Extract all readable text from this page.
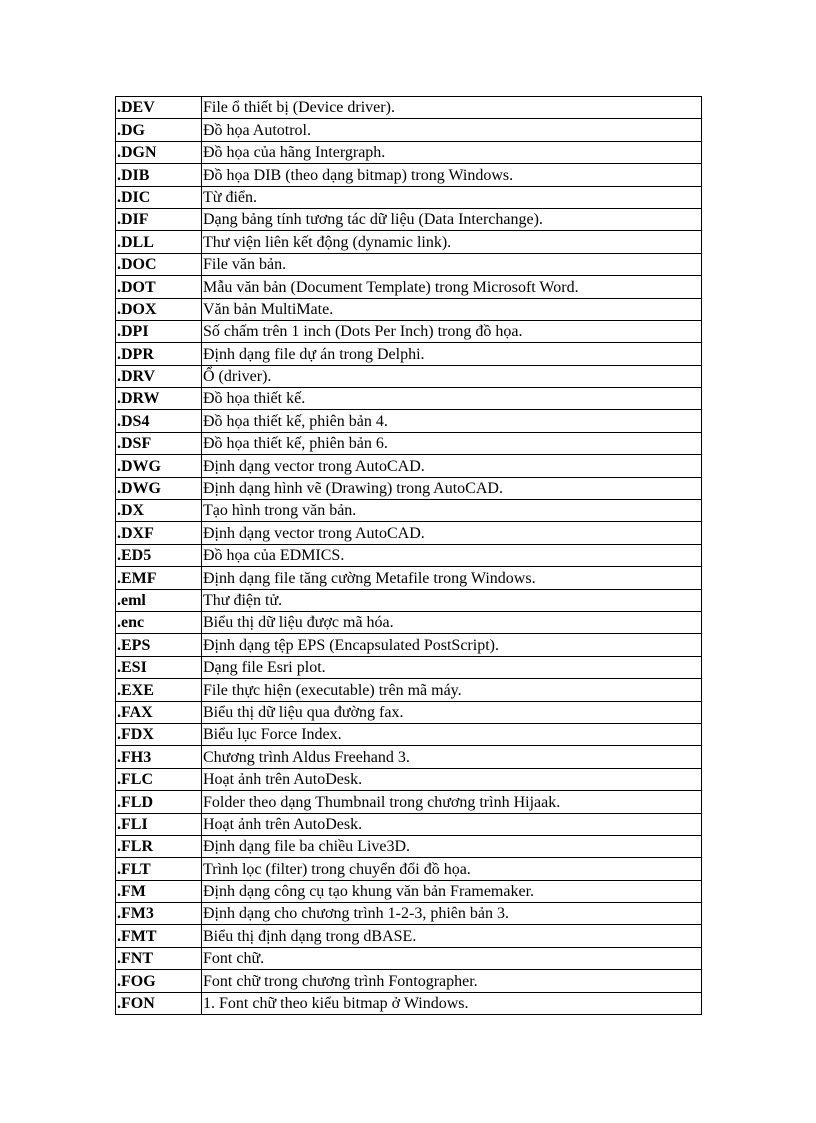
.DEV	File ổ thiết bị (Device driver).
.DG	Đồ họa Autotrol.
.DGN	Đồ họa của hãng Intergraph.
.DIB	Đồ họa DIB (theo dạng bitmap) trong Windows.
.DIC	Từ điển.
.DIF	Dạng bảng tính tương tác dữ liệu (Data Interchange).
.DLL	Thư viện liên kết động (dynamic link).
.DOC	File văn bản.
.DOT	Mẫu văn bản (Document Template) trong Microsoft Word.
.DOX	Văn bản MultiMate.
.DPI	Số chấm trên 1 inch (Dots Per Inch) trong đồ họa.
.DPR	Định dạng file dự án trong Delphi.
.DRV	Ổ (driver).
.DRW	Đồ họa thiết kế.
.DS4	Đồ họa thiết kế, phiên bản 4.
.DSF	Đồ họa thiết kế, phiên bản 6.
.DWG	Định dạng vector trong AutoCAD.
.DWG	Định dạng hình vẽ (Drawing) trong AutoCAD.
.DX	Tạo hình trong văn bản.
.DXF	Định dạng vector trong AutoCAD.
.ED5	Đồ họa của EDMICS.
.EMF	Định dạng file tăng cường Metafile trong Windows.
.eml	Thư điện tử.
.enc	Biểu thị dữ liệu được mã hóa.
.EPS	Định dạng tệp EPS (Encapsulated PostScript).
.ESI	Dạng file Esri plot.
.EXE	File thực hiện (executable) trên mã máy.
.FAX	Biểu thị dữ liệu qua đường fax.
.FDX	Biểu lục Force Index.
.FH3	Chương trình Aldus Freehand 3.
.FLC	Hoạt ảnh trên AutoDesk.
.FLD	Folder theo dạng Thumbnail trong chương trình Hijaak.
.FLI	Hoạt ảnh trên AutoDesk.
.FLR	Định dạng file ba chiều Live3D.
.FLT	Trình lọc (filter) trong chuyển đổi đồ họa.
.FM	Định dạng công cụ tạo khung văn bản Framemaker.
.FM3	Định dạng cho chương trình 1-2-3, phiên bản 3.
.FMT	Biểu thị định dạng trong dBASE.
.FNT	Font chữ.
.FOG	Font chữ trong chương trình Fontographer.
.FON	1. Font chữ theo kiểu bitmap ở Windows.
